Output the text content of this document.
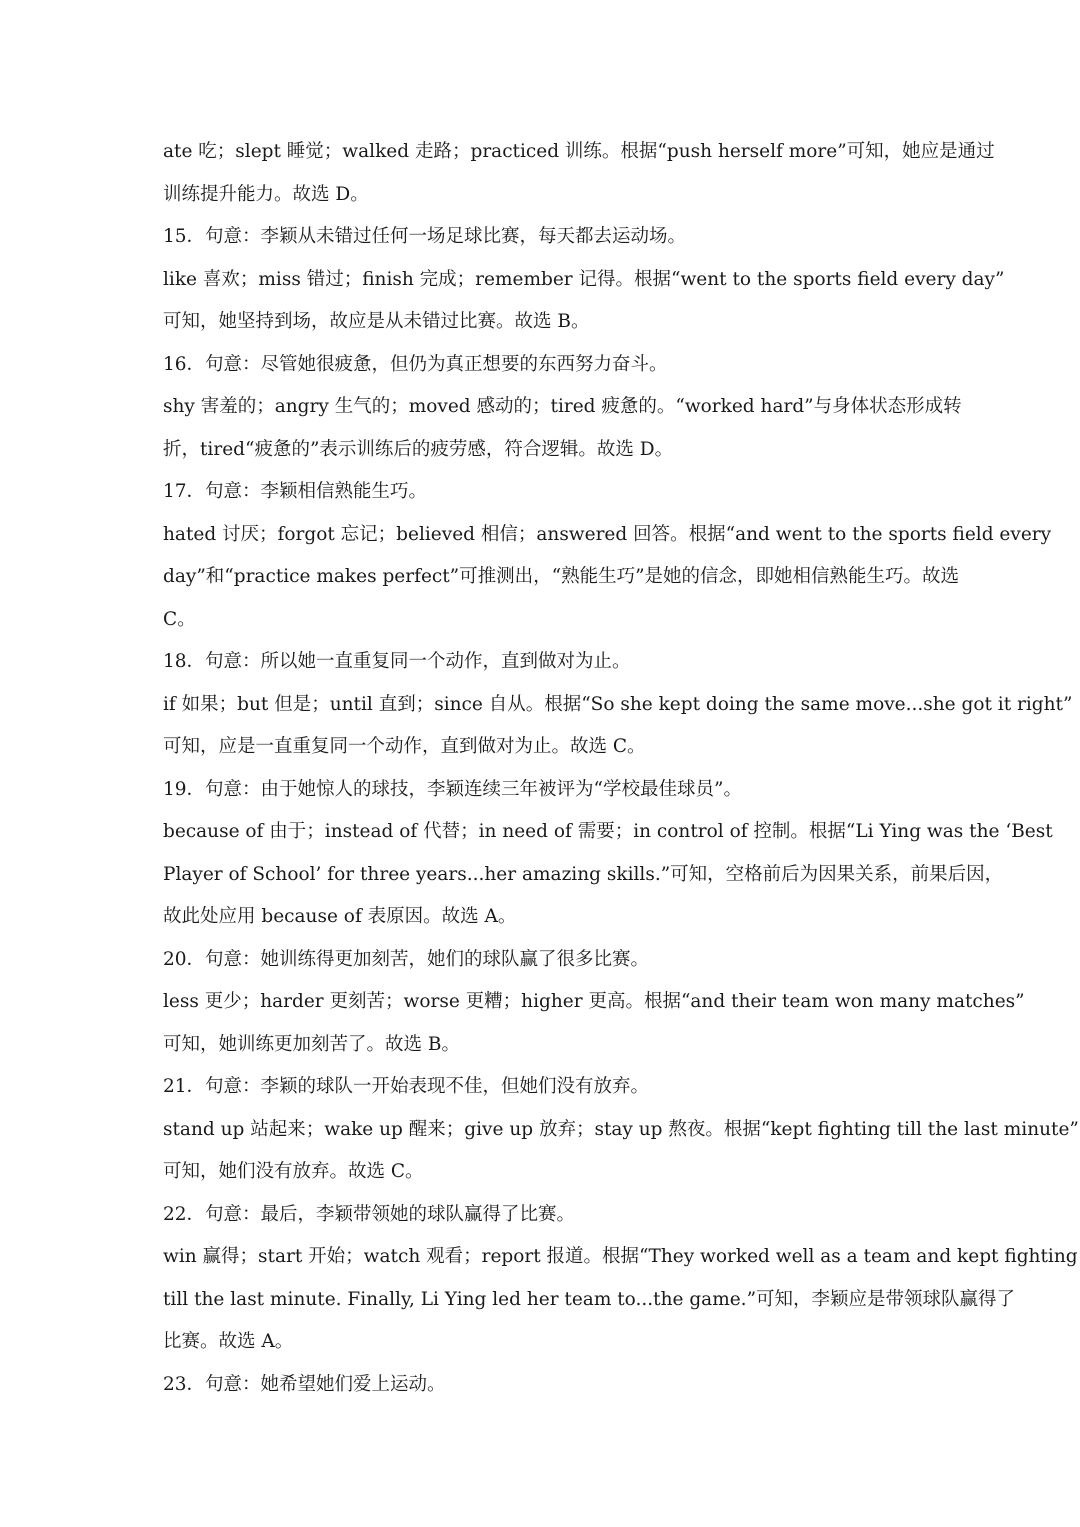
ate 吃；slept 睡觉；walked 走路；practiced 训练。根据“push herself more”可知，她应是通过
训练提升能力。故选 D。
15．句意：李颖从未错过任何一场足球比赛，每天都去运动场。
like 喜欢；miss 错过；finish 完成；remember 记得。根据“went to the sports field every day”
可知，她坚持到场，故应是从未错过比赛。故选 B。
16．句意：尽管她很疲惫，但仍为真正想要的东西努力奋斗。
shy 害羞的；angry 生气的；moved 感动的；tired 疲惫的。“worked hard”与身体状态形成转
折，tired“疲惫的”表示训练后的疲劳感，符合逻辑。故选 D。
17．句意：李颖相信熟能生巧。
hated 讨厌；forgot 忘记；believed 相信；answered 回答。根据“and went to the sports field every
day”和“practice makes perfect”可推测出，“熟能生巧”是她的信念，即她相信熟能生巧。故选
C。
18．句意：所以她一直重复同一个动作，直到做对为止。
if 如果；but 但是；until 直到；since 自从。根据“So she kept doing the same move...she got it right”
可知，应是一直重复同一个动作，直到做对为止。故选 C。
19．句意：由于她惊人的球技，李颖连续三年被评为“学校最佳球员”。
because of 由于；instead of 代替；in need of 需要；in control of 控制。根据“Li Ying was the ‘Best
Player of School’ for three years...her amazing skills.”可知，空格前后为因果关系，前果后因，
故此处应用 because of 表原因。故选 A。
20．句意：她训练得更加刻苦，她们的球队赢了很多比赛。
less 更少；harder 更刻苦；worse 更糟；higher 更高。根据“and their team won many matches”
可知，她训练更加刻苦了。故选 B。
21．句意：李颖的球队一开始表现不佳，但她们没有放弃。
stand up 站起来；wake up 醒来；give up 放弃；stay up 熬夜。根据“kept fighting till the last minute”
可知，她们没有放弃。故选 C。
22．句意：最后，李颖带领她的球队赢得了比赛。
win 赢得；start 开始；watch 观看；report 报道。根据“They worked well as a team and kept fighting
till the last minute. Finally, Li Ying led her team to...the game.”可知，李颖应是带领球队赢得了
比赛。故选 A。
23．句意：她希望她们爱上运动。
